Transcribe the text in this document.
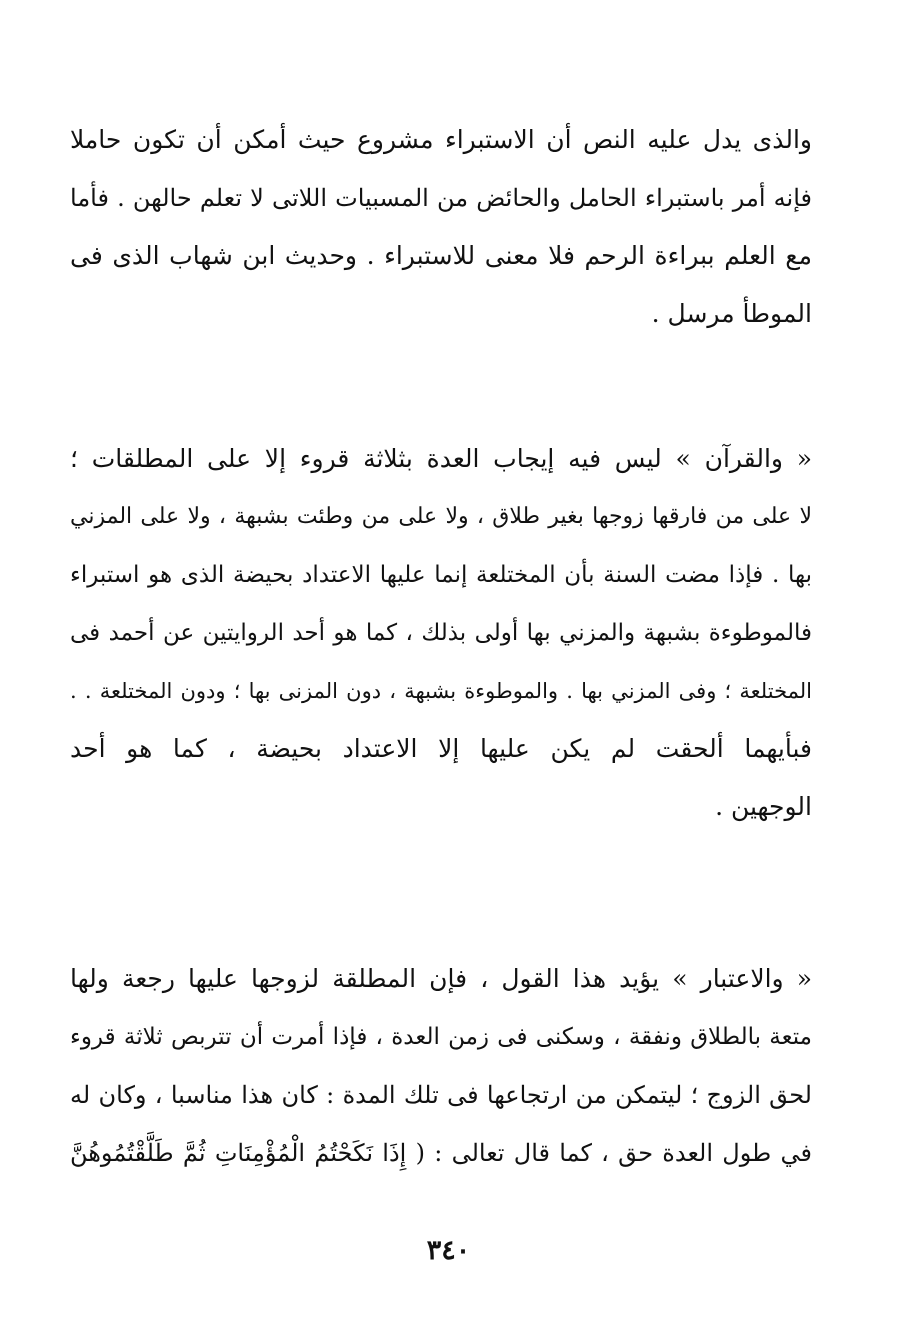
والذى يدل عليه النص أن الاستبراء مشروع حيث أمكن أن تكون حاملا
فإنه أمر باستبراء الحامل والحائض من المسبيات اللاتى لا تعلم حالهن . فأما
مع العلم ببراءة الرحم فلا معنى للاستبراء . وحديث ابن شهاب الذى فى
الموطأ مرسل .
« والقرآن » ليس فيه إيجاب العدة بثلاثة قروء إلا على المطلقات ؛
لا على من فارقها زوجها بغير طلاق ، ولا على من وطئت بشبهة ، ولا على المزني
بها . فإذا مضت السنة بأن المختلعة إنما عليها الاعتداد بحيضة الذى هو استبراء
فالموطوءة بشبهة والمزني بها أولى بذلك ، كما هو أحد الروايتين عن أحمد فى
المختلعة ؛ وفى المزني بها . والموطوءة بشبهة ، دون المزنى بها ؛ ودون المختلعة . .
فبأيهما ألحقت لم يكن عليها إلا الاعتداد بحيضة ، كما هو أحد
الوجهين .
« والاعتبار » يؤيد هذا القول ، فإن المطلقة لزوجها عليها رجعة ولها
متعة بالطلاق ونفقة ، وسكنى فى زمن العدة ، فإذا أمرت أن تتربص ثلاثة قروء
لحق الزوج ؛ ليتمكن من ارتجاعها فى تلك المدة : كان هذا مناسبا ، وكان له
في طول العدة حق ، كما قال تعالى : ( إِذَا نَكَحْتُمُ الْمُؤْمِنَاتِ ثُمَّ طَلَّقْتُمُوهُنَّ
٣٤٠
